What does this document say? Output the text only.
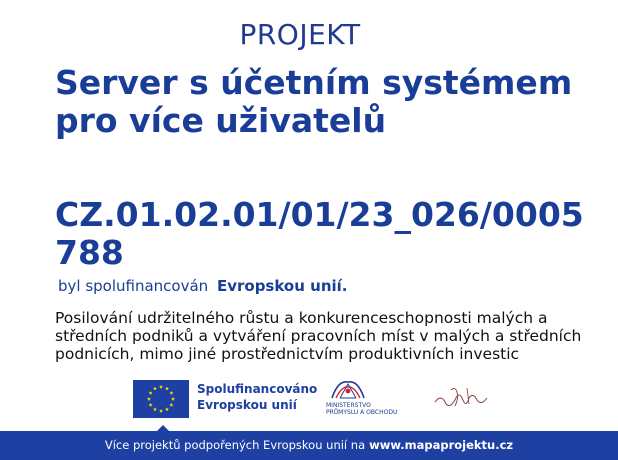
PROJEKT
Server s účetním systémem pro více uživatelů
CZ.01.02.01/01/23_026/0005788
byl spolufinancován Evropskou unií.
Posilování udržitelného růstu a konkurenceschopnosti malých a středních podniků a vytváření pracovních míst v malých a středních podnicích, mimo jiné prostřednictvím produktivních investic
Spolufinancováno
Evropskou unií	MINISTERSTVO
PRŮMYSLU A OBCHODU
Více projektů podpořených Evropskou unií na www.mapaprojektu.cz
